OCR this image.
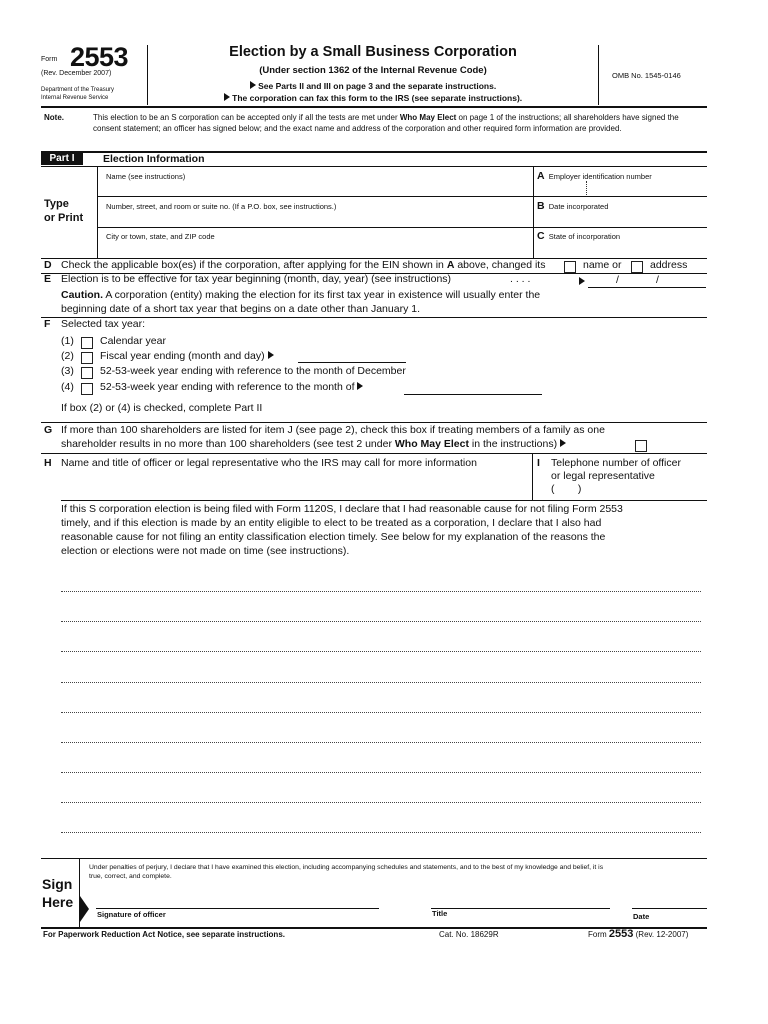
Form 2553
(Rev. December 2007)
Department of the Treasury
Internal Revenue Service
Election by a Small Business Corporation
(Under section 1362 of the Internal Revenue Code)
See Parts II and III on page 3 and the separate instructions.
The corporation can fax this form to the IRS (see separate instructions).
OMB No. 1545-0146
Note.	This election to be an S corporation can be accepted only if all the tests are met under Who May Elect on page 1 of the instructions; all shareholders have signed the consent statement; an officer has signed below; and the exact name and address of the corporation and other required form information are provided.
Part I	Election Information
Type
or Print
Name (see instructions)
Number, street, and room or suite no. (If a P.O. box, see instructions.)
City or town, state, and ZIP code
A Employer identification number
B Date incorporated
C State of incorporation
D Check the applicable box(es) if the corporation, after applying for the EIN shown in A above, changed its	name or	address
E Election is to be effective for tax year beginning (month, day, year) (see instructions)	. . . .	/	/
Caution. A corporation (entity) making the election for its first tax year in existence will usually enter the
beginning date of a short tax year that begins on a date other than January 1.
F Selected tax year:
(1) Calendar year
(2) Fiscal year ending (month and day)
(3) 52-53-week year ending with reference to the month of December
(4) 52-53-week year ending with reference to the month of
If box (2) or (4) is checked, complete Part II
G If more than 100 shareholders are listed for item J (see page 2), check this box if treating members of a family as one
shareholder results in no more than 100 shareholders (see test 2 under Who May Elect in the instructions)
H Name and title of officer or legal representative who the IRS may call for more information	I Telephone number of officer
or legal representative
(        )
If this S corporation election is being filed with Form 1120S, I declare that I had reasonable cause for not filing Form 2553
timely, and if this election is made by an entity eligible to elect to be treated as a corporation, I declare that I also had
reasonable cause for not filing an entity classification election timely. See below for my explanation of the reasons the
election or elections were not made on time (see instructions).
Sign
Here
Under penalties of perjury, I declare that I have examined this election, including accompanying schedules and statements, and to the best of my knowledge and belief, it is
true, correct, and complete.
Signature of officer	Title	Date
For Paperwork Reduction Act Notice, see separate instructions.	Cat. No. 18629R	Form 2553 (Rev. 12-2007)
